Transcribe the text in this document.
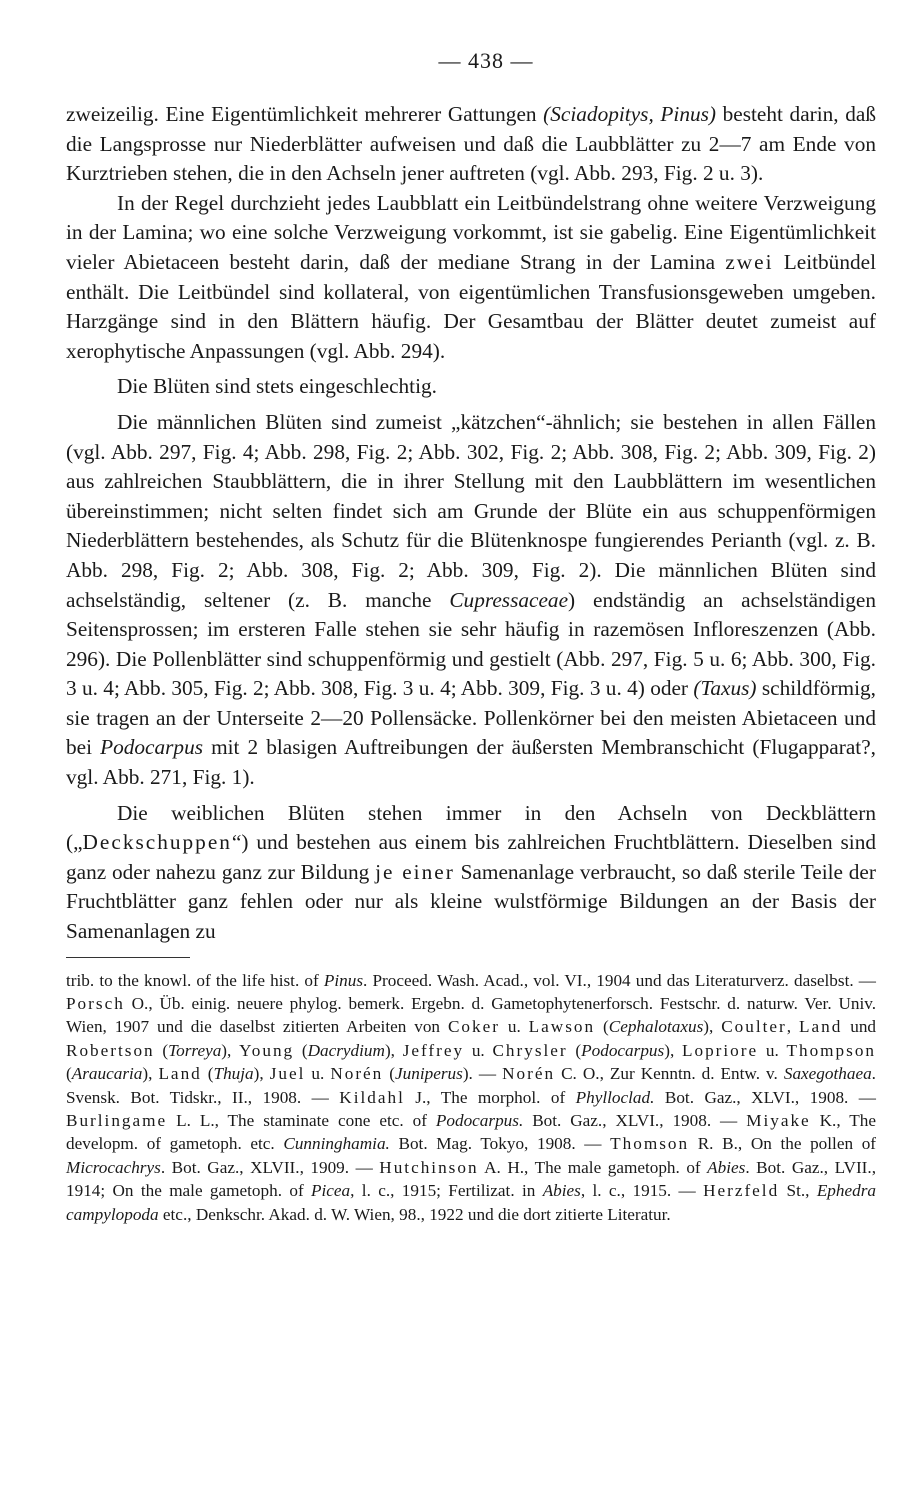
— 438 —

zweizeilig. Eine Eigentümlichkeit mehrerer Gattungen (Sciadopitys, Pinus) besteht darin, daß die Langsprosse nur Niederblätter aufweisen und daß die Laubblätter zu 2—7 am Ende von Kurztrieben stehen, die in den Achseln jener auftreten (vgl. Abb. 293, Fig. 2 u. 3).

In der Regel durchzieht jedes Laubblatt ein Leitbündelstrang ohne weitere Verzweigung in der Lamina; wo eine solche Verzweigung vorkommt, ist sie gabelig. Eine Eigentümlichkeit vieler Abietaceen besteht darin, daß der mediane Strang in der Lamina zwei Leitbündel enthält. Die Leitbündel sind kollateral, von eigentümlichen Transfusionsgeweben umgeben. Harzgänge sind in den Blättern häufig. Der Gesamtbau der Blätter deutet zumeist auf xerophytische Anpassungen (vgl. Abb. 294).

Die Blüten sind stets eingeschlechtig.

Die männlichen Blüten sind zumeist „kätzchen“-ähnlich; sie bestehen in allen Fällen (vgl. Abb. 297, Fig. 4; Abb. 298, Fig. 2; Abb. 302, Fig. 2; Abb. 308, Fig. 2; Abb. 309, Fig. 2) aus zahlreichen Staubblättern, die in ihrer Stellung mit den Laubblättern im wesentlichen übereinstimmen; nicht selten findet sich am Grunde der Blüte ein aus schuppenförmigen Niederblättern bestehendes, als Schutz für die Blütenknospe fungierendes Perianth (vgl. z. B. Abb. 298, Fig. 2; Abb. 308, Fig. 2; Abb. 309, Fig. 2). Die männlichen Blüten sind achselständig, seltener (z. B. manche Cupressaceae) endständig an achselständigen Seitensprossen; im ersteren Falle stehen sie sehr häufig in razemösen Infloreszenzen (Abb. 296). Die Pollenblätter sind schuppenförmig und gestielt (Abb. 297, Fig. 5 u. 6; Abb. 300, Fig. 3 u. 4; Abb. 305, Fig. 2; Abb. 308, Fig. 3 u. 4; Abb. 309, Fig. 3 u. 4) oder (Taxus) schildförmig, sie tragen an der Unterseite 2—20 Pollensäcke. Pollenkörner bei den meisten Abietaceen und bei Podocarpus mit 2 blasigen Auftreibungen der äußersten Membranschicht (Flugapparat?, vgl. Abb. 271, Fig. 1).

Die weiblichen Blüten stehen immer in den Achseln von Deckblättern („Deckschuppen“) und bestehen aus einem bis zahlreichen Fruchtblättern. Dieselben sind ganz oder nahezu ganz zur Bildung je einer Samenanlage verbraucht, so daß sterile Teile der Fruchtblätter ganz fehlen oder nur als kleine wulstförmige Bildungen an der Basis der Samenanlagen zu

trib. to the knowl. of the life hist. of Pinus. Proceed. Wash. Acad., vol. VI., 1904 und das Literaturverz. daselbst. — Porsch O., Üb. einig. neuere phylog. bemerk. Ergebn. d. Gametophytenerforsch. Festschr. d. naturw. Ver. Univ. Wien, 1907 und die daselbst zitierten Arbeiten von Coker u. Lawson (Cephalotaxus), Coulter, Land und Robertson (Torreya), Young (Dacrydium), Jeffrey u. Chrysler (Podocarpus), Lopriore u. Thompson (Araucaria), Land (Thuja), Juel u. Norén (Juniperus). — Norén C. O., Zur Kenntn. d. Entw. v. Saxegothaea. Svensk. Bot. Tidskr., II., 1908. — Kildahl J., The morphol. of Phylloclad. Bot. Gaz., XLVI., 1908. — Burlingame L. L., The staminate cone etc. of Podocarpus. Bot. Gaz., XLVI., 1908. — Miyake K., The developm. of gametoph. etc. Cunninghamia. Bot. Mag. Tokyo, 1908. — Thomson R. B., On the pollen of Microcachrys. Bot. Gaz., XLVII., 1909. — Hutchinson A. H., The male gametoph. of Abies. Bot. Gaz., LVII., 1914; On the male gametoph. of Picea, l. c., 1915; Fertilizat. in Abies, l. c., 1915. — Herzfeld St., Ephedra campylopoda etc., Denkschr. Akad. d. W. Wien, 98., 1922 und die dort zitierte Literatur.
